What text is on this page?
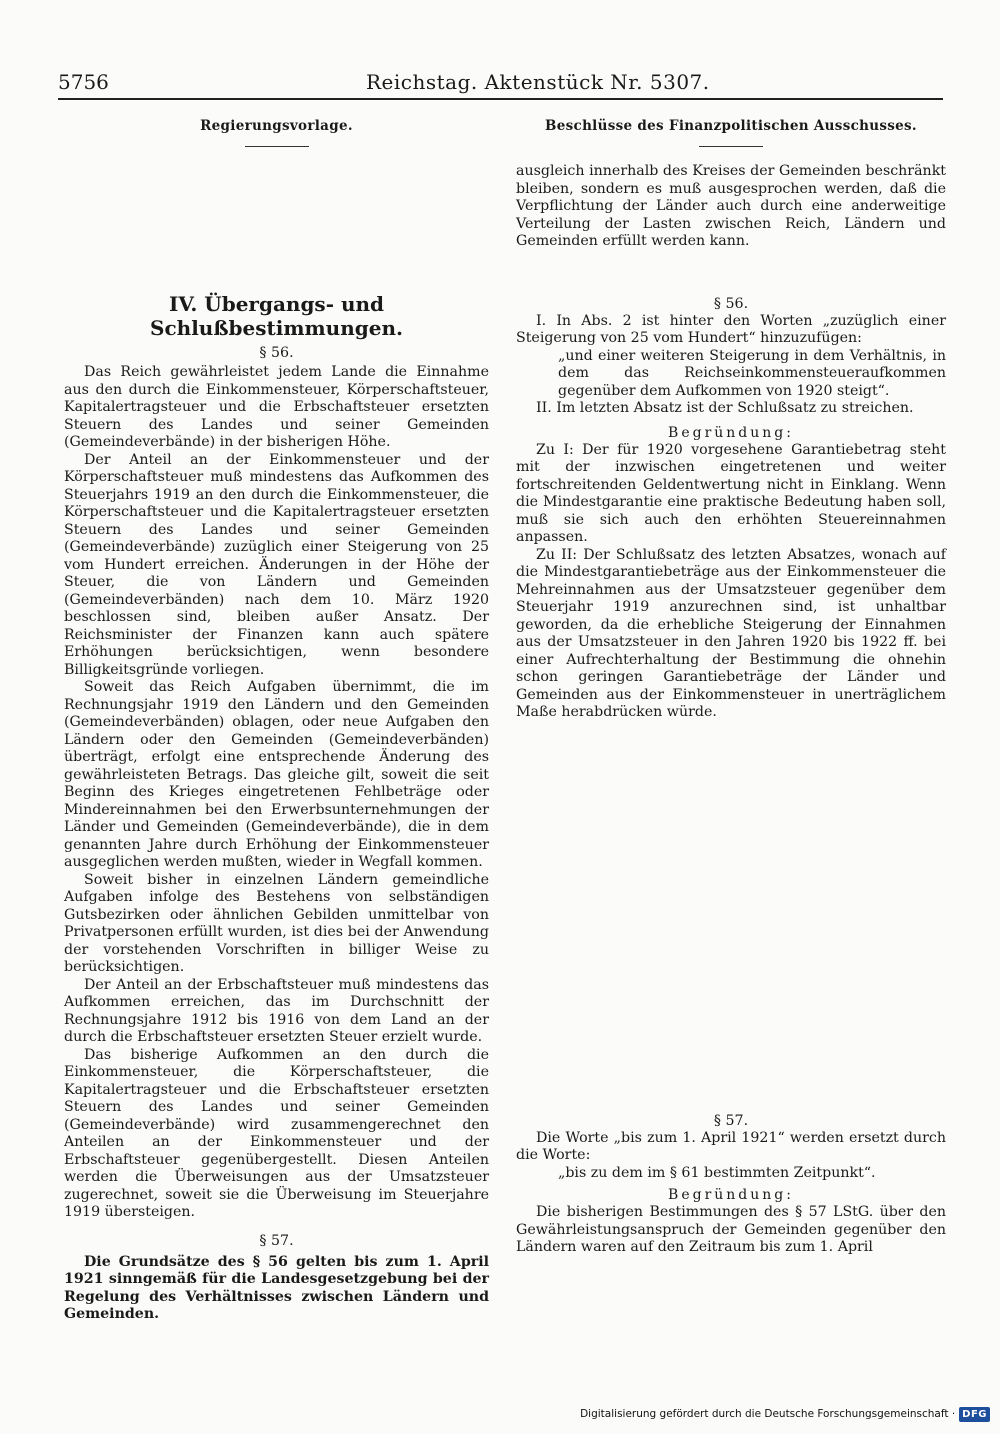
5756	Reichstag. Aktenstück Nr. 5307.
Regierungsvorlage.
IV. Übergangs- und Schlußbestimmungen.
§ 56.

Das Reich gewährleistet jedem Lande die Einnahme aus den durch die Einkommensteuer, Körperschaftsteuer, Kapitalertragsteuer und die Erbschaftsteuer ersetzten Steuern des Landes und seiner Gemeinden (Gemeindeverbände) in der bisherigen Höhe.

Der Anteil an der Einkommensteuer und der Körperschaftsteuer muß mindestens das Aufkommen des Steuerjahrs 1919 an den durch die Einkommensteuer, die Körperschaftsteuer und die Kapitalertragsteuer ersetzten Steuern des Landes und seiner Gemeinden (Gemeindeverbände) zuzüglich einer Steigerung von 25 vom Hundert erreichen. Änderungen in der Höhe der Steuer, die von Ländern und Gemeinden (Gemeindeverbänden) nach dem 10. März 1920 beschlossen sind, bleiben außer Ansatz. Der Reichsminister der Finanzen kann auch spätere Erhöhungen berücksichtigen, wenn besondere Billigkeitsgründe vorliegen.

Soweit das Reich Aufgaben übernimmt, die im Rechnungsjahr 1919 den Ländern und den Gemeinden (Gemeindeverbänden) oblagen, oder neue Aufgaben den Ländern oder den Gemeinden (Gemeindeverbänden) überträgt, erfolgt eine entsprechende Änderung des gewährleisteten Betrags. Das gleiche gilt, soweit die seit Beginn des Krieges eingetretenen Fehlbeträge oder Mindereinnahmen bei den Erwerbsunternehmungen der Länder und Gemeinden (Gemeindeverbände), die in dem genannten Jahre durch Erhöhung der Einkommensteuer ausgeglichen werden mußten, wieder in Wegfall kommen.

Soweit bisher in einzelnen Ländern gemeindliche Aufgaben infolge des Bestehens von selbständigen Gutsbezirken oder ähnlichen Gebilden unmittelbar von Privatpersonen erfüllt wurden, ist dies bei der Anwendung der vorstehenden Vorschriften in billiger Weise zu berücksichtigen.

Der Anteil an der Erbschaftsteuer muß mindestens das Aufkommen erreichen, das im Durchschnitt der Rechnungsjahre 1912 bis 1916 von dem Land an der durch die Erbschaftsteuer ersetzten Steuer erzielt wurde.

Das bisherige Aufkommen an den durch die Einkommensteuer, die Körperschaftsteuer, die Kapitalertragsteuer und die Erbschaftsteuer ersetzten Steuern des Landes und seiner Gemeinden (Gemeindeverbände) wird zusammengerechnet den Anteilen an der Einkommensteuer und der Erbschaftsteuer gegenübergestellt. Diesen Anteilen werden die Überweisungen aus der Umsatzsteuer zugerechnet, soweit sie die Überweisung im Steuerjahre 1919 übersteigen.

§ 57.

Die Grundsätze des § 56 gelten bis zum 1. April 1921 sinngemäß für die Landesgesetzgebung bei der Regelung des Verhältnisses zwischen Ländern und Gemeinden.

Beschlüsse des Finanzpolitischen Ausschusses.

ausgleich innerhalb des Kreises der Gemeinden beschränkt bleiben, sondern es muß ausgesprochen werden, daß die Verpflichtung der Länder auch durch eine anderweitige Verteilung der Lasten zwischen Reich, Ländern und Gemeinden erfüllt werden kann.

§ 56.

I. In Abs. 2 ist hinter den Worten „zuzüglich einer Steigerung von 25 vom Hundert“ hinzuzufügen:

„und einer weiteren Steigerung in dem Verhältnis, in dem das Reichseinkommensteueraufkommen gegenüber dem Aufkommen von 1920 steigt“.

II. Im letzten Absatz ist der Schlußsatz zu streichen.

Begründung:

Zu I: Der für 1920 vorgesehene Garantiebetrag steht mit der inzwischen eingetretenen und weiter fortschreitenden Geldentwertung nicht in Einklang. Wenn die Mindestgarantie eine praktische Bedeutung haben soll, muß sie sich auch den erhöhten Steuereinnahmen anpassen.

Zu II: Der Schlußsatz des letzten Absatzes, wonach auf die Mindestgarantiebeträge aus der Einkommensteuer die Mehreinnahmen aus der Umsatzsteuer gegenüber dem Steuerjahr 1919 anzurechnen sind, ist unhaltbar geworden, da die erhebliche Steigerung der Einnahmen aus der Umsatzsteuer in den Jahren 1920 bis 1922 ff. bei einer Aufrechterhaltung der Bestimmung die ohnehin schon geringen Garantiebeträge der Länder und Gemeinden aus der Einkommensteuer in unerträglichem Maße herabdrücken würde.

§ 57.

Die Worte „bis zum 1. April 1921“ werden ersetzt durch die Worte:

„bis zu dem im § 61 bestimmten Zeitpunkt“.

Begründung:

Die bisherigen Bestimmungen des § 57 LStG. über den Gewährleistungsanspruch der Gemeinden gegenüber den Ländern waren auf den Zeitraum bis zum 1. April

Digitalisierung gefördert durch die Deutsche Forschungsgemeinschaft · DFG
